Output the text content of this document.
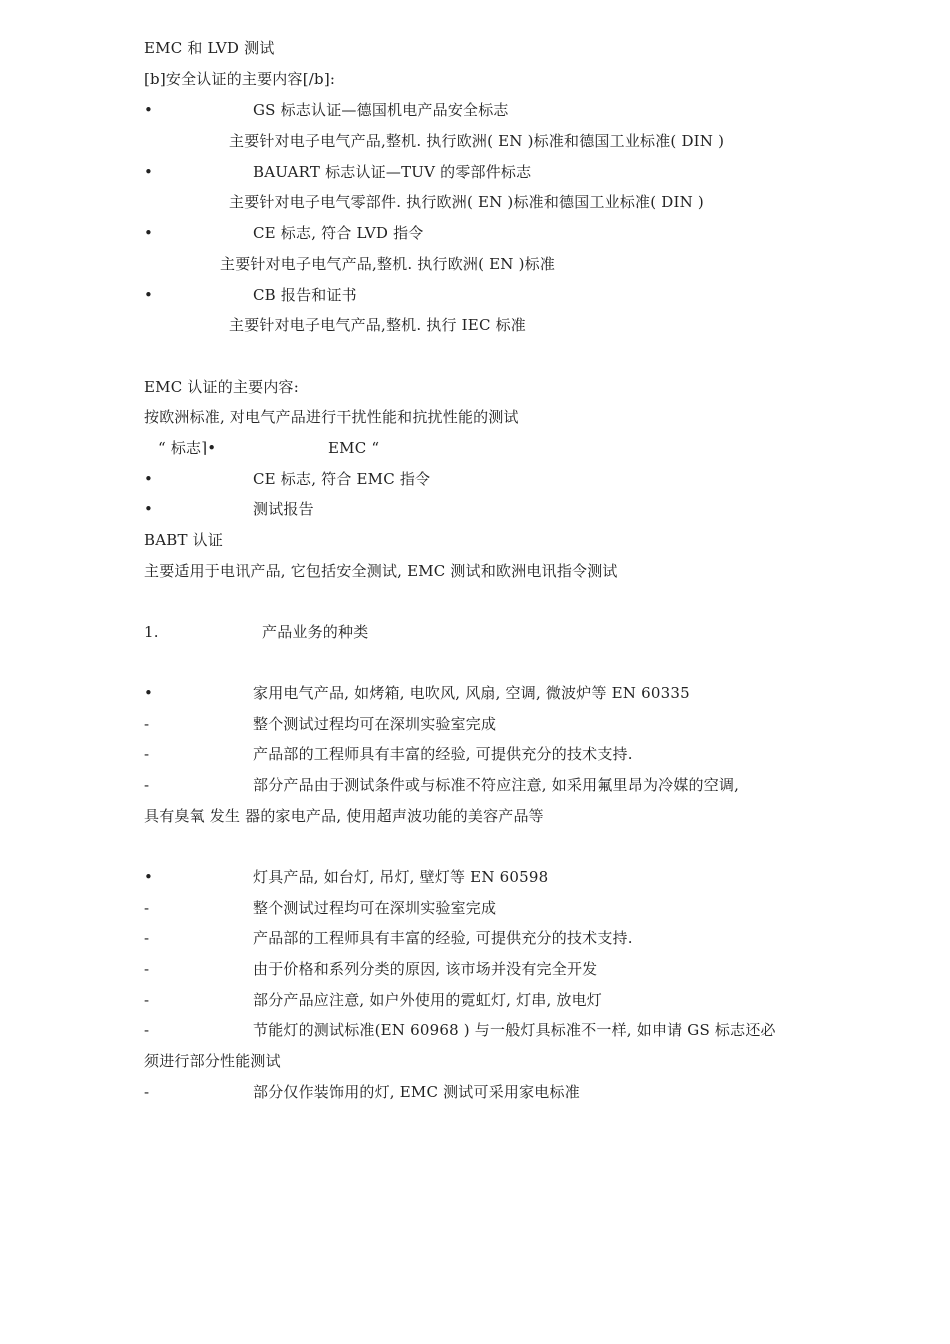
EMC 和 LVD 测试
[b]安全认证的主要内容[/b]:
•	GS 标志认证—德国机电产品安全标志
主要针对电子电气产品,整机. 执行欧洲( EN )标准和德国工业标准( DIN )
•	BAUART 标志认证—TUV 的零部件标志
主要针对电子电气零部件. 执行欧洲( EN )标准和德国工业标准( DIN )
•	CE 标志, 符合 LVD 指令
主要针对电子电气产品,整机. 执行欧洲( EN )标准
•	CB 报告和证书
主要针对电子电气产品,整机. 执行 IEC 标准
EMC 认证的主要内容:
按欧洲标准, 对电气产品进行干扰性能和抗扰性能的测试
“ 标志⌉•	EMC “
•	CE 标志, 符合 EMC 指令
•	测试报告
BABT 认证
主要适用于电讯产品, 它包括安全测试, EMC 测试和欧洲电讯指令测试
1.	产品业务的种类
•	家用电气产品, 如烤箱, 电吹风, 风扇, 空调, 微波炉等 EN 60335
-	整个测试过程均可在深圳实验室完成
-	产品部的工程师具有丰富的经验, 可提供充分的技术支持.
-	部分产品由于测试条件或与标准不符应注意, 如采用氟里昂为冷媒的空调,
具有臭氧 发生 器的家电产品, 使用超声波功能的美容产品等
•	灯具产品, 如台灯, 吊灯, 壁灯等 EN 60598
-	整个测试过程均可在深圳实验室完成
-	产品部的工程师具有丰富的经验, 可提供充分的技术支持.
-	由于价格和系列分类的原因, 该市场并没有完全开发
-	部分产品应注意, 如户外使用的霓虹灯, 灯串, 放电灯
-	节能灯的测试标准(EN 60968 ) 与一般灯具标准不一样, 如申请 GS 标志还必
须进行部分性能测试
-	部分仅作装饰用的灯, EMC 测试可采用家电标准
